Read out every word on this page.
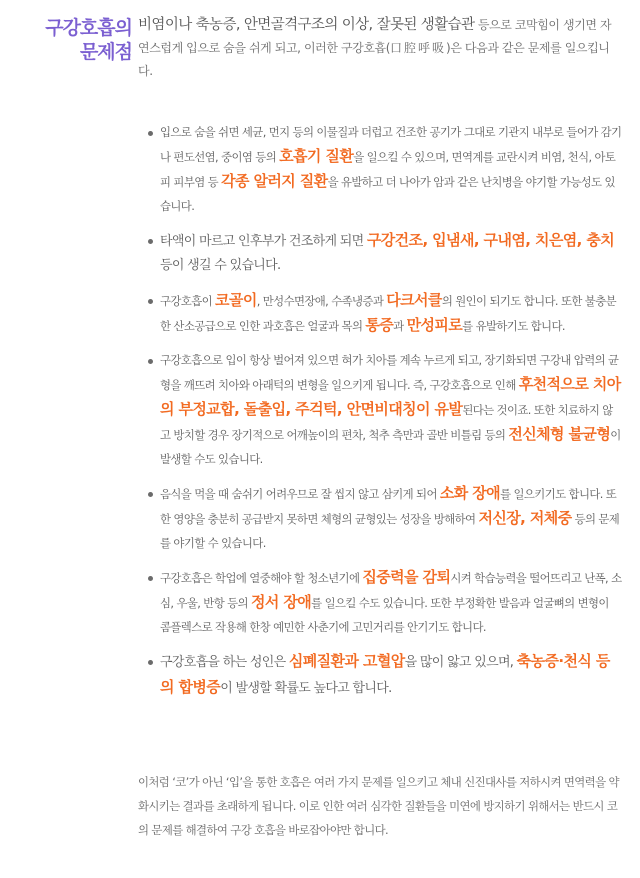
구강호흡의
문제점
비염이나 축농증, 안면골격구조의 이상, 잘못된 생활습관 등으로 코막힘이 생기면 자연스럽게 입으로 숨을 쉬게 되고, 이러한 구강호흡(口腔呼吸)은 다음과 같은 문제를 일으킵니다.
입으로 숨을 쉬면 세균, 먼지 등의 이물질과 더럽고 건조한 공기가 그대로 기관지 내부로 들어가 감기나 편도선염, 중이염 등의 호흡기 질환을 일으킬 수 있으며, 면역계를 교란시켜 비염, 천식, 아토피 피부염 등 각종 알러지 질환을 유발하고 더 나아가 암과 같은 난치병을 야기할 가능성도 있습니다.
타액이 마르고 인후부가 건조하게 되면 구강건조, 입냄새, 구내염, 치은염, 충치 등이 생길 수 있습니다.
구강호흡이 코골이, 만성수면장애, 수족냉증과 다크서클의 원인이 되기도 합니다. 또한 불충분한 산소공급으로 인한 과호흡은 얼굴과 목의 통증과 만성피로를 유발하기도 합니다.
구강호흡으로 입이 항상 벌어져 있으면 혀가 치아를 계속 누르게 되고, 장기화되면 구강내 압력의 균형을 깨뜨려 치아와 아래턱의 변형을 일으키게 됩니다. 즉, 구강호흡으로 인해 후천적으로 치아의 부정교합, 돌출입, 주걱턱, 안면비대칭이 유발된다는 것이죠. 또한 치료하지 않고 방치할 경우 장기적으로 어깨높이의 편차, 척추 측만과 골반 비틀림 등의 전신체형 불균형이 발생할 수도 있습니다.
음식을 먹을 때 숨쉬기 어려우므로 잘 씹지 않고 삼키게 되어 소화 장애를 일으키기도 합니다. 또한 영양을 충분히 공급받지 못하면 체형의 균형있는 성장을 방해하여 저신장, 저체중 등의 문제를 야기할 수 있습니다.
구강호흡은 학업에 열중해야 할 청소년기에 집중력을 감퇴시켜 학습능력을 떨어뜨리고 난폭, 소심, 우울, 반항 등의 정서 장애를 일으킬 수도 있습니다. 또한 부정확한 발음과 얼굴뼈의 변형이 콤플렉스로 작용해 한창 예민한 사춘기에 고민거리를 안기기도 합니다.
구강호흡을 하는 성인은 심폐질환과 고혈압을 많이 앓고 있으며, 축농증·천식 등의 합병증이 발생할 확률도 높다고 합니다.
이처럼 ‘코’가 아닌 ‘입’을 통한 호흡은 여러 가지 문제를 일으키고 체내 신진대사를 저하시켜 면역력을 약화시키는 결과를 초래하게 됩니다. 이로 인한 여러 심각한 질환들을 미연에 방지하기 위해서는 반드시 코의 문제를 해결하여 구강 호흡을 바로잡아야만 합니다.
